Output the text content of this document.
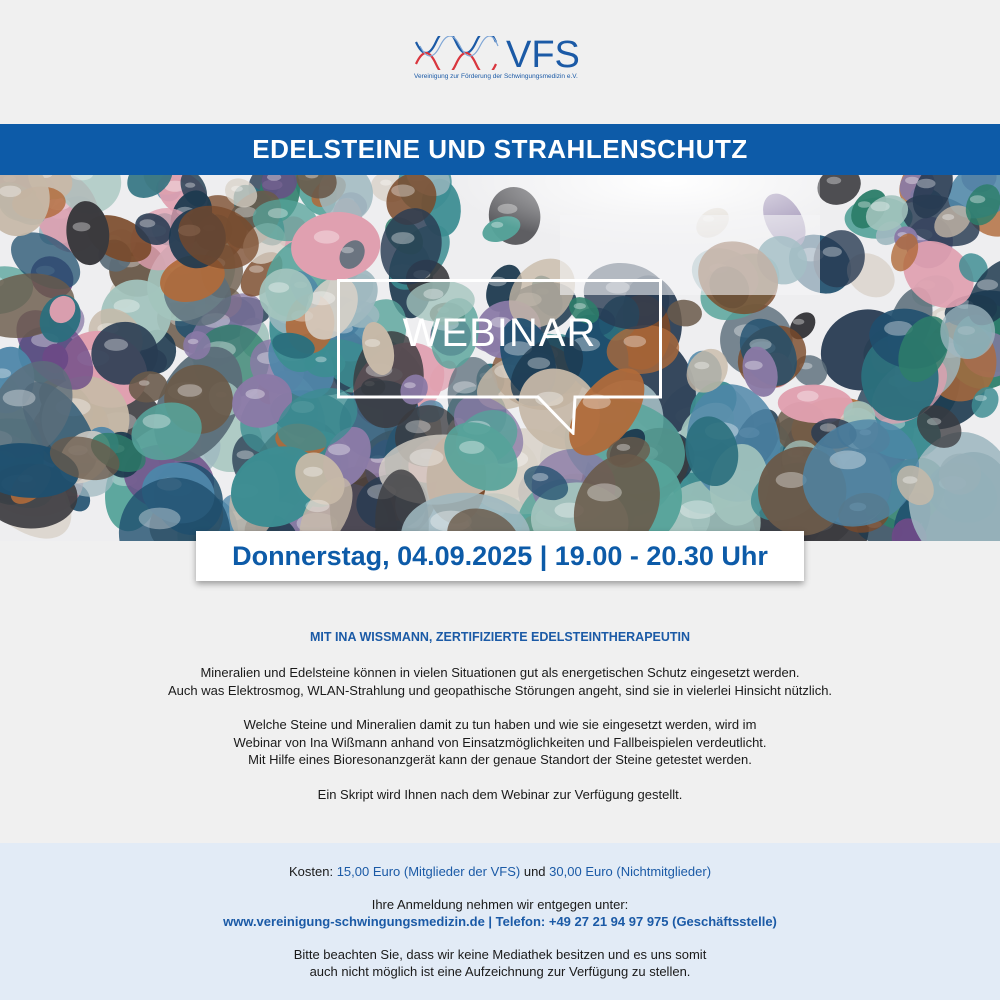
VFS
Vereinigung zur Förderung der Schwingungsmedizin e.V.
EDELSTEINE UND STRAHLENSCHUTZ
WEBINAR
Donnerstag, 04.09.2025 | 19.00 - 20.30 Uhr
MIT INA WISSMANN, ZERTIFIZIERTE EDELSTEINTHERAPEUTIN

Mineralien und Edelsteine können in vielen Situationen gut als energetischen Schutz eingesetzt werden.
Auch was Elektrosmog, WLAN-Strahlung und geopathische Störungen angeht, sind sie in vielerlei Hinsicht nützlich.

Welche Steine und Mineralien damit zu tun haben und wie sie eingesetzt werden, wird im
Webinar von Ina Wißmann anhand von Einsatzmöglichkeiten und Fallbeispielen verdeutlicht.
Mit Hilfe eines Bioresonanzgerät kann der genaue Standort der Steine getestet werden.

Ein Skript wird Ihnen nach dem Webinar zur Verfügung gestellt.

Kosten: 15,00 Euro (Mitglieder der VFS) und 30,00 Euro (Nichtmitglieder)

Ihre Anmeldung nehmen wir entgegen unter:
www.vereinigung-schwingungsmedizin.de | Telefon: +49 27 21 94 97 975 (Geschäftsstelle)

Bitte beachten Sie, dass wir keine Mediathek besitzen und es uns somit
auch nicht möglich ist eine Aufzeichnung zur Verfügung zu stellen.
